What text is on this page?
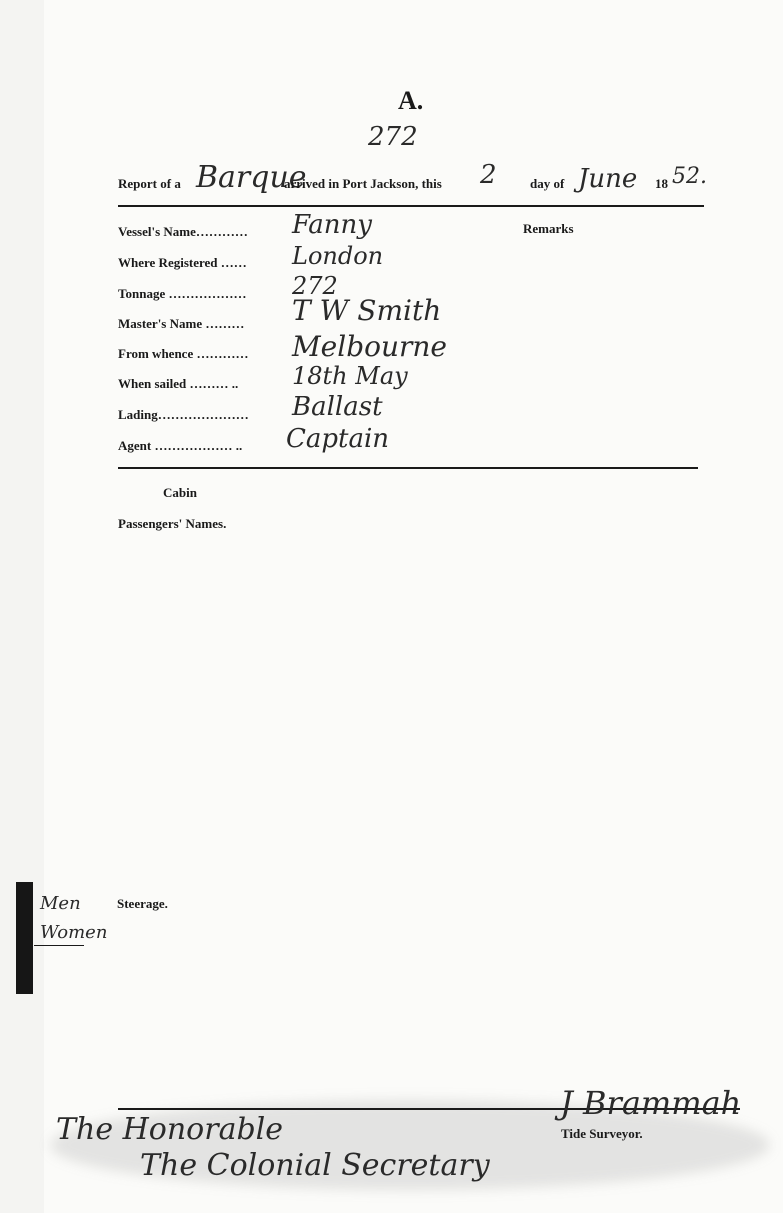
A.
272
Report of a Barque
arrived in Port Jackson, this 2	day of June 18 52.
Vessel's Name………… Fanny
Where Registered …… London
Tonnage ……………… 272
Master's Name ……… T W Smith
From whence ………… Melbourne
When sailed ……… .. 18th May
Lading………………… Ballast
Agent ……………… .. Captain
Remarks
Cabin
Passengers' Names.
Men	Steerage.
Women
The Honorable
The Colonial Secretary
J Brammah
Tide Surveyor.
